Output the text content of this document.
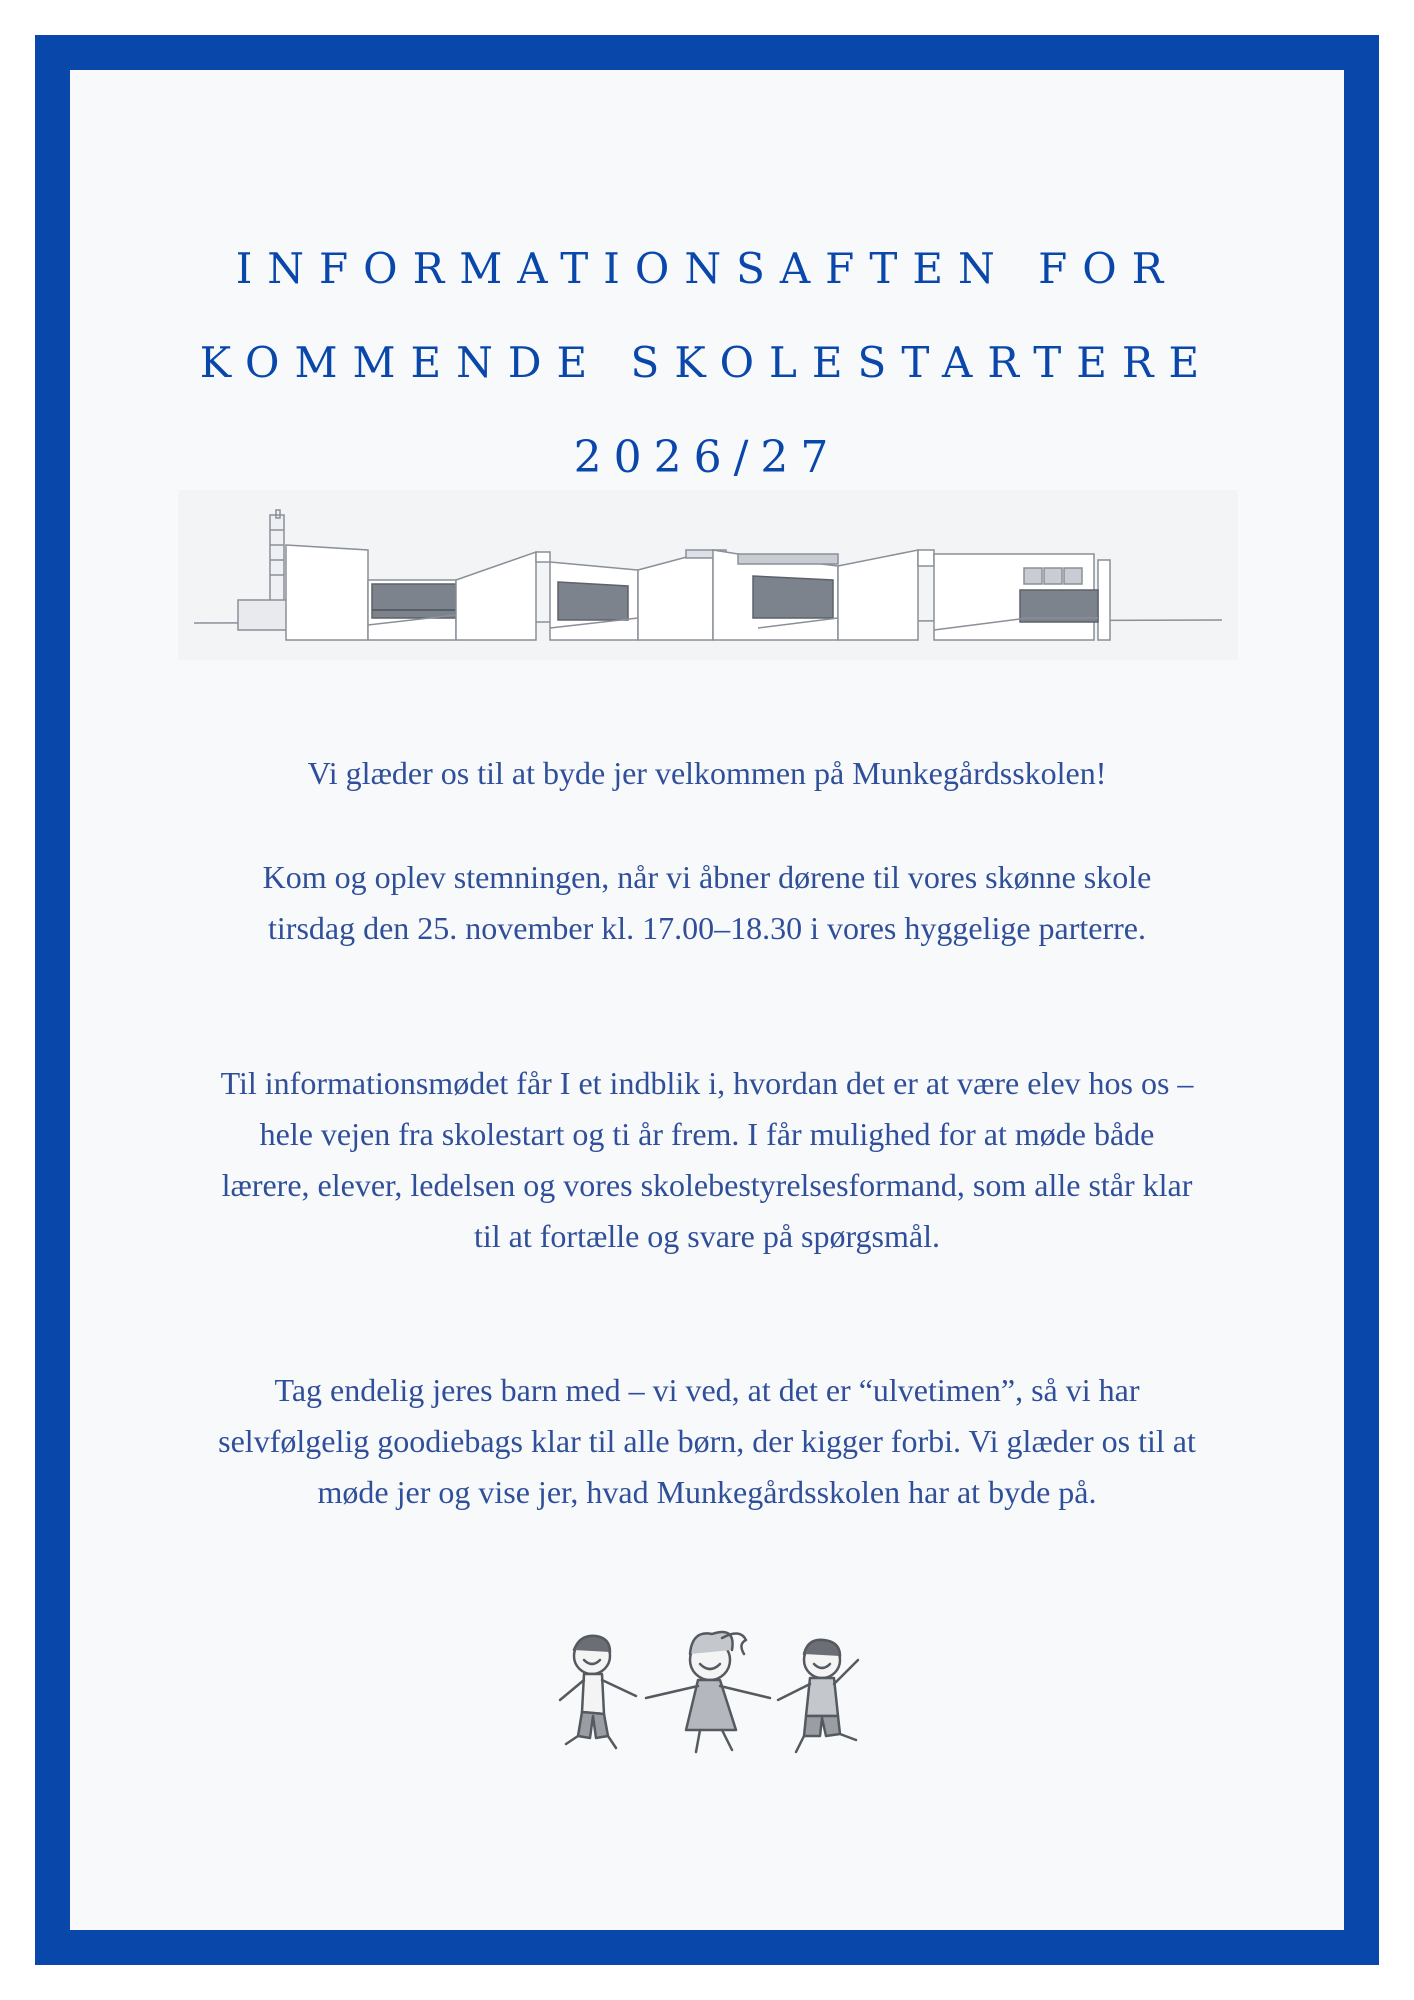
INFORMATIONSAFTEN FOR
KOMMENDE SKOLESTARTERE
2026/27

Vi glæder os til at byde jer velkommen på Munkegårdsskolen!

Kom og oplev stemningen, når vi åbner dørene til vores skønne skole tirsdag den 25. november kl. 17.00–18.30 i vores hyggelige parterre.

Til informationsmødet får I et indblik i, hvordan det er at være elev hos os – hele vejen fra skolestart og ti år frem. I får mulighed for at møde både lærere, elever, ledelsen og vores skolebestyrelsesformand, som alle står klar til at fortælle og svare på spørgsmål.

Tag endelig jeres barn med – vi ved, at det er “ulvetimen”, så vi har selvfølgelig goodiebags klar til alle børn, der kigger forbi. Vi glæder os til at møde jer og vise jer, hvad Munkegårdsskolen har at byde på.
